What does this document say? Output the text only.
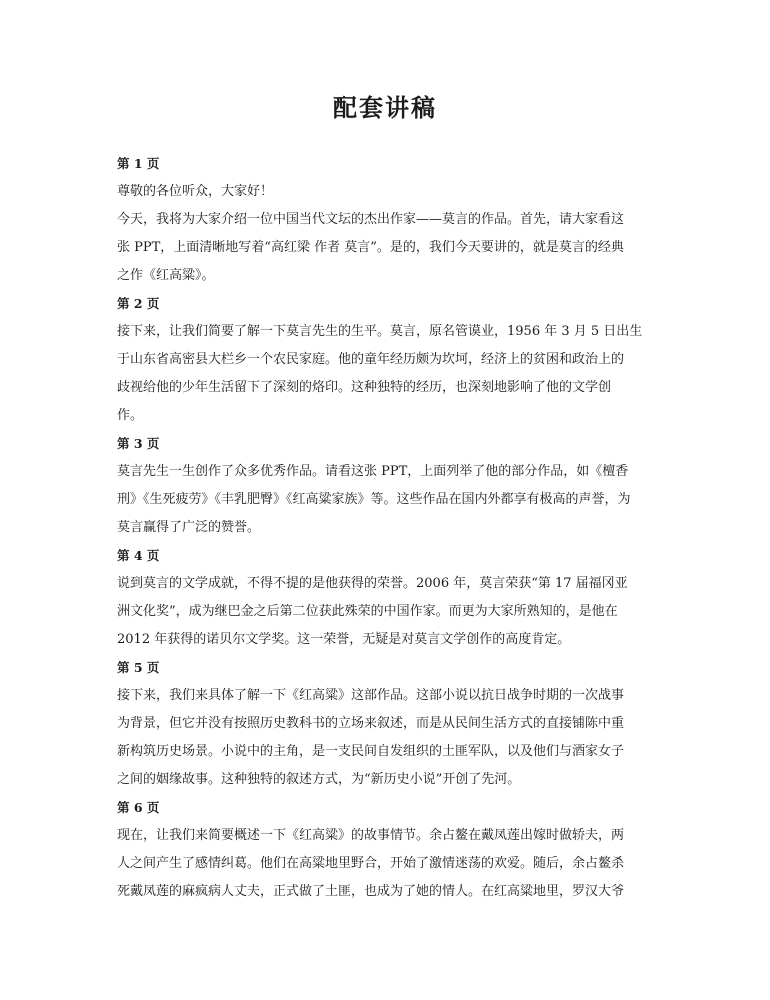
配套讲稿
第 1 页
尊敬的各位听众，大家好！
今天，我将为大家介绍一位中国当代文坛的杰出作家——莫言的作品。首先，请大家看这
张 PPT，上面清晰地写着“高红梁 作者 莫言”。是的，我们今天要讲的，就是莫言的经典
之作《红高粱》。
第 2 页
接下来，让我们简要了解一下莫言先生的生平。莫言，原名管谟业，1956 年 3 月 5 日出生
于山东省高密县大栏乡一个农民家庭。他的童年经历颇为坎坷，经济上的贫困和政治上的
歧视给他的少年生活留下了深刻的烙印。这种独特的经历，也深刻地影响了他的文学创
作。
第 3 页
莫言先生一生创作了众多优秀作品。请看这张 PPT，上面列举了他的部分作品，如《檀香
刑》《生死疲劳》《丰乳肥臀》《红高粱家族》等。这些作品在国内外都享有极高的声誉，为
莫言赢得了广泛的赞誉。
第 4 页
说到莫言的文学成就，不得不提的是他获得的荣誉。2006 年，莫言荣获“第 17 届福冈亚
洲文化奖”，成为继巴金之后第二位获此殊荣的中国作家。而更为大家所熟知的，是他在
2012 年获得的诺贝尔文学奖。这一荣誉，无疑是对莫言文学创作的高度肯定。
第 5 页
接下来，我们来具体了解一下《红高粱》这部作品。这部小说以抗日战争时期的一次战事
为背景，但它并没有按照历史教科书的立场来叙述，而是从民间生活方式的直接铺陈中重
新构筑历史场景。小说中的主角，是一支民间自发组织的土匪军队，以及他们与酒家女子
之间的姻缘故事。这种独特的叙述方式，为“新历史小说”开创了先河。
第 6 页
现在，让我们来简要概述一下《红高粱》的故事情节。余占鳌在戴凤莲出嫁时做轿夫，两
人之间产生了感情纠葛。他们在高粱地里野合，开始了激情迷荡的欢爱。随后，余占鳌杀
死戴凤莲的麻疯病人丈夫，正式做了土匪，也成为了她的情人。在红高粱地里，罗汉大爷
